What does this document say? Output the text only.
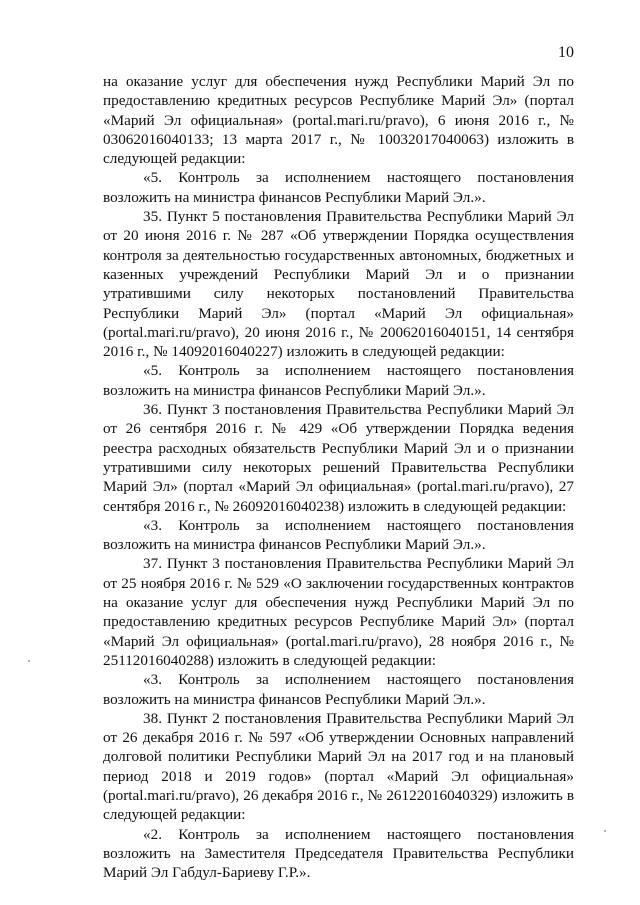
10

на оказание услуг для обеспечения нужд Республики Марий Эл по предоставлению кредитных ресурсов Республике Марий Эл» (портал «Марий Эл официальная» (portal.mari.ru/pravo), 6 июня 2016 г., № 03062016040133; 13 марта 2017 г., № 10032017040063) изложить в следующей редакции:

«5. Контроль за исполнением настоящего постановления возложить на министра финансов Республики Марий Эл.».

35. Пункт 5 постановления Правительства Республики Марий Эл от 20 июня 2016 г. № 287 «Об утверждении Порядка осуществления контроля за деятельностью государственных автономных, бюджетных и казенных учреждений Республики Марий Эл и о признании утратившими силу некоторых постановлений Правительства Республики Марий Эл» (портал «Марий Эл официальная» (portal.mari.ru/pravo), 20 июня 2016 г., № 20062016040151, 14 сентября 2016 г., № 14092016040227) изложить в следующей редакции:

«5. Контроль за исполнением настоящего постановления возложить на министра финансов Республики Марий Эл.».

36. Пункт 3 постановления Правительства Республики Марий Эл от 26 сентября 2016 г. № 429 «Об утверждении Порядка ведения реестра расходных обязательств Республики Марий Эл и о признании утратившими силу некоторых решений Правительства Республики Марий Эл» (портал «Марий Эл официальная» (portal.mari.ru/pravo), 27 сентября 2016 г., № 26092016040238) изложить в следующей редакции:

«3. Контроль за исполнением настоящего постановления возложить на министра финансов Республики Марий Эл.».

37. Пункт 3 постановления Правительства Республики Марий Эл от 25 ноября 2016 г. № 529 «О заключении государственных контрактов на оказание услуг для обеспечения нужд Республики Марий Эл по предоставлению кредитных ресурсов Республике Марий Эл» (портал «Марий Эл официальная» (portal.mari.ru/pravo), 28 ноября 2016 г., № 25112016040288) изложить в следующей редакции:

«3. Контроль за исполнением настоящего постановления возложить на министра финансов Республики Марий Эл.».

38. Пункт 2 постановления Правительства Республики Марий Эл от 26 декабря 2016 г. № 597 «Об утверждении Основных направлений долговой политики Республики Марий Эл на 2017 год и на плановый период 2018 и 2019 годов» (портал «Марий Эл официальная» (portal.mari.ru/pravo), 26 декабря 2016 г., № 26122016040329) изложить в следующей редакции:

«2. Контроль за исполнением настоящего постановления возложить на Заместителя Председателя Правительства Республики Марий Эл Габдул-Бариеву Г.Р.».
